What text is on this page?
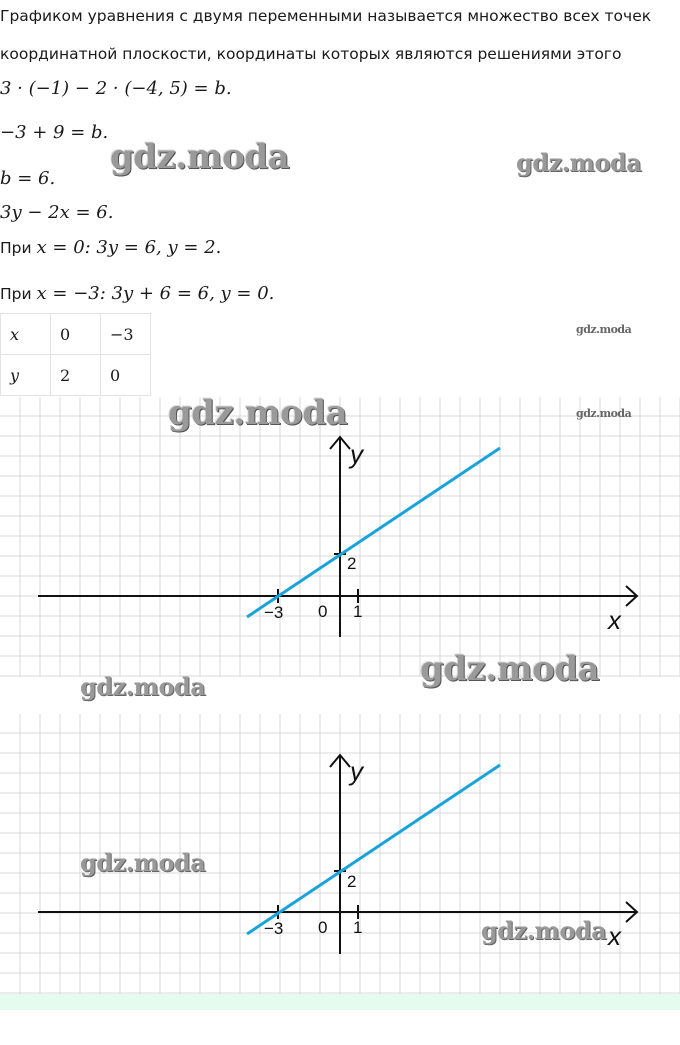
Графиком уравнения с двумя переменными называется множество всех точек
координатной плоскости, координаты которых являются решениями этого
3 · (−1) − 2 · (−4, 5) = b.
−3 + 9 = b.
b = 6.
3y − 2x = 6.
При x = 0: 3y = 6, y = 2.
При x = −3: 3y + 6 = 6, y = 0.
x	0	−3
y	2	0
y
x
2
−3 0 1
y
x
2
−3 0 1
gdz.moda	gdz.moda
gdz.moda
gdz.moda	gdz.moda
gdz.moda
gdz.moda
gdz.moda
gdz.moda
